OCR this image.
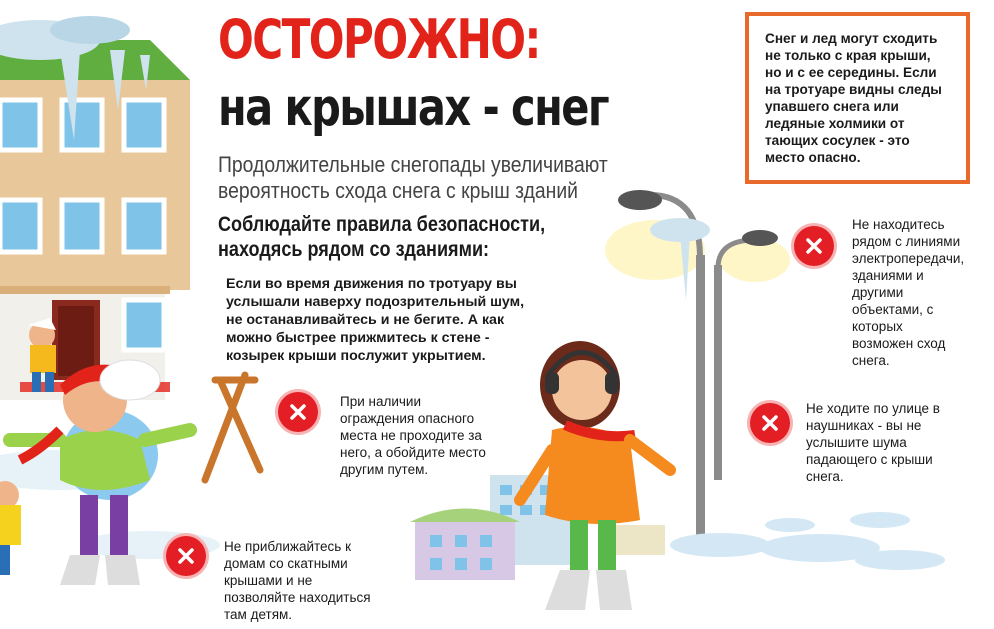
ОСТОРОЖНО:
на крышах - снег
Продолжительные снегопады увеличивают
вероятность схода снега с крыш зданий
Соблюдайте правила безопасности,
находясь рядом со зданиями:
Если во время движения по тротуару вы
услышали наверху подозрительный шум,
не останавливайтесь и не бегите. А как
можно быстрее прижмитесь к стене -
козырек крыши послужит укрытием.
Снег и лед могут сходить
не только с края крыши,
но и с ее середины. Если
на тротуаре видны следы
упавшего снега или
ледяные холмики от
тающих сосулек - это
место опасно.
При наличии
ограждения опасного
места не проходите за
него, а обойдите место
другим путем.
Не приближайтесь к
домам со скатными
крышами и не
позволяйте находиться
там детям.
Не находитесь
рядом с линиями
электропередачи,
зданиями и
другими
объектами, с
которых
возможен сход
снега.
Не ходите по улице в
наушниках - вы не
услышите шума
падающего с крыши
снега.
